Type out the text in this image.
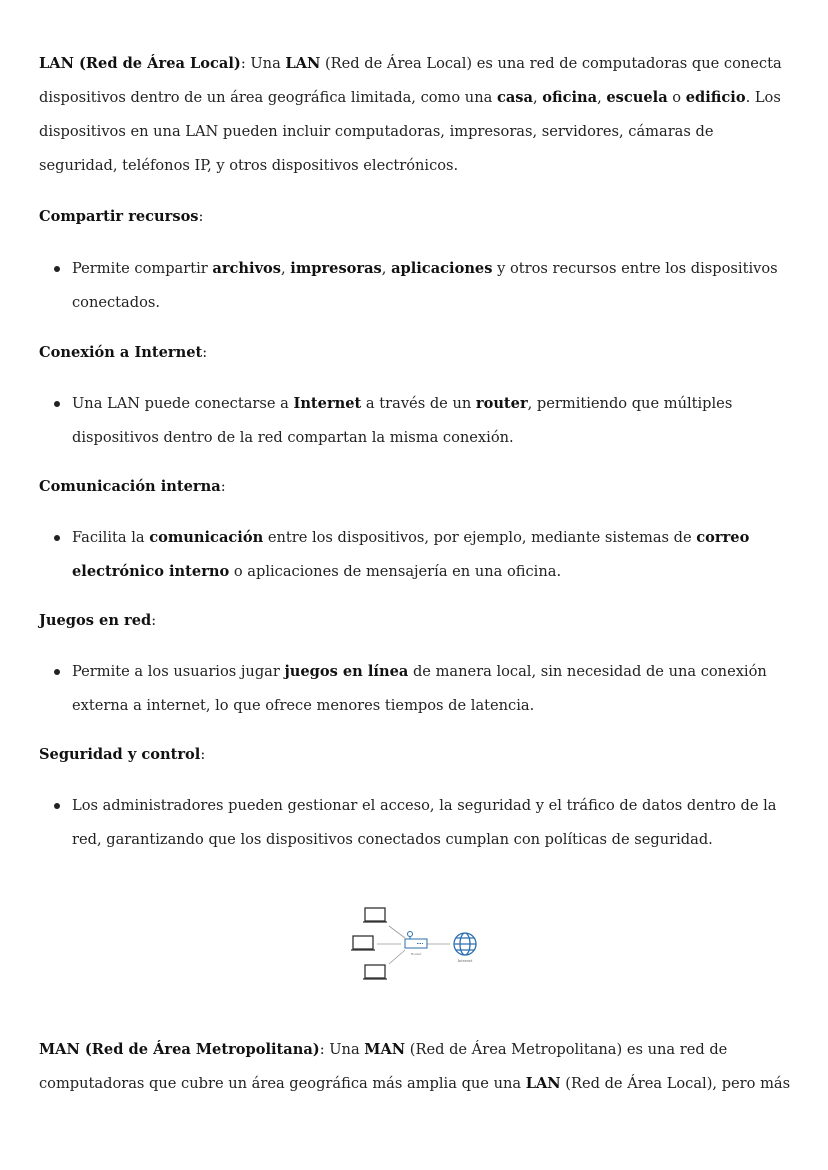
LAN (Red de Área Local): Una LAN (Red de Área Local) es una red de computadoras que conecta
dispositivos dentro de un área geográfica limitada, como una casa, oficina, escuela o edificio. Los
dispositivos en una LAN pueden incluir computadoras, impresoras, servidores, cámaras de
seguridad, teléfonos IP, y otros dispositivos electrónicos.
Compartir recursos:
Permite compartir archivos, impresoras, aplicaciones y otros recursos entre los dispositivos
conectados.
Conexión a Internet:
Una LAN puede conectarse a Internet a través de un router, permitiendo que múltiples
dispositivos dentro de la red compartan la misma conexión.
Comunicación interna:
Facilita la comunicación entre los dispositivos, por ejemplo, mediante sistemas de correo
electrónico interno o aplicaciones de mensajería en una oficina.
Juegos en red:
Permite a los usuarios jugar juegos en línea de manera local, sin necesidad de una conexión
externa a internet, lo que ofrece menores tiempos de latencia.
Seguridad y control:
Los administradores pueden gestionar el acceso, la seguridad y el tráfico de datos dentro de la
red, garantizando que los dispositivos conectados cumplan con políticas de seguridad.
MAN (Red de Área Metropolitana): Una MAN (Red de Área Metropolitana) es una red de
computadoras que cubre un área geográfica más amplia que una LAN (Red de Área Local), pero más
Router
Internet
